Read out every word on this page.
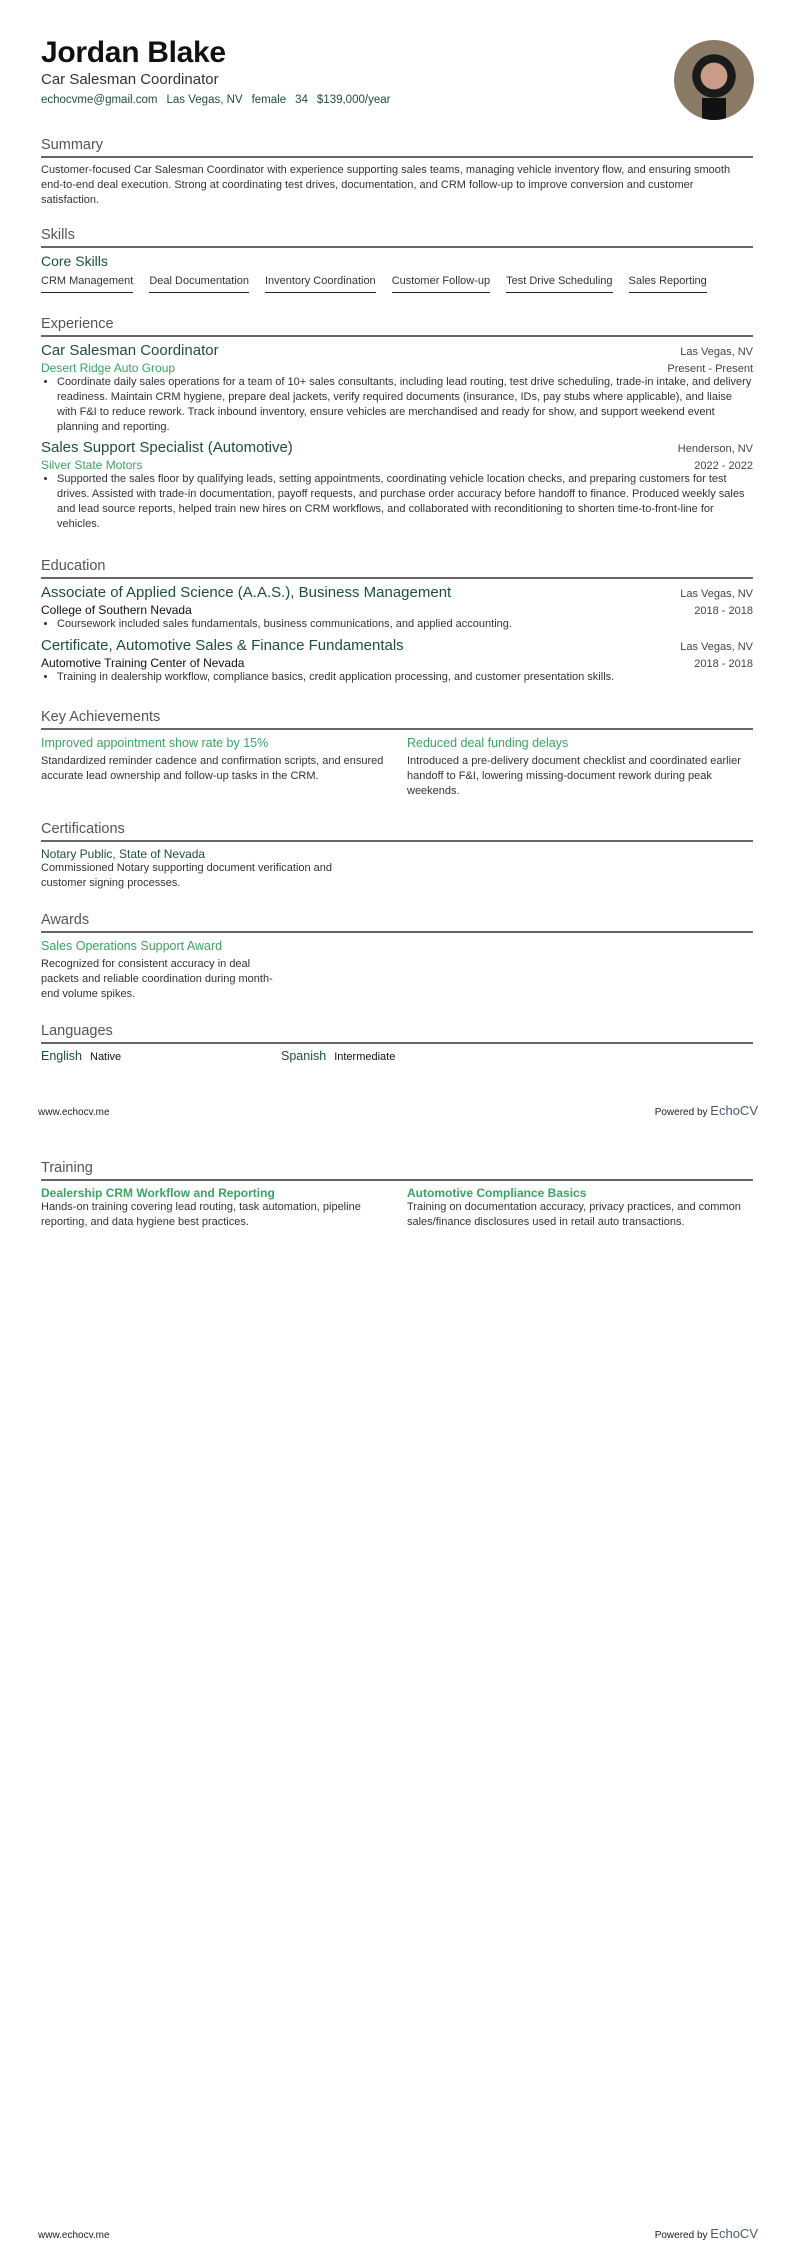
Jordan Blake
Car Salesman Coordinator
echocvme@gmail.com Las Vegas, NV female 34 $139,000/year
Summary
Customer-focused Car Salesman Coordinator with experience supporting sales teams, managing vehicle inventory flow, and ensuring smooth end-to-end deal execution. Strong at coordinating test drives, documentation, and CRM follow-up to improve conversion and customer satisfaction.
Skills
Core Skills
CRM Management Deal Documentation Inventory Coordination Customer Follow-up Test Drive Scheduling Sales Reporting
Experience
Car Salesman Coordinator	Las Vegas, NV
Desert Ridge Auto Group	Present - Present
• Coordinate daily sales operations for a team of 10+ sales consultants, including lead routing, test drive scheduling, trade-in intake, and delivery readiness. Maintain CRM hygiene, prepare deal jackets, verify required documents (insurance, IDs, pay stubs where applicable), and liaise with F&I to reduce rework. Track inbound inventory, ensure vehicles are merchandised and ready for show, and support weekend event planning and reporting.
Sales Support Specialist (Automotive)	Henderson, NV
Silver State Motors	2022 - 2022
• Supported the sales floor by qualifying leads, setting appointments, coordinating vehicle location checks, and preparing customers for test drives. Assisted with trade-in documentation, payoff requests, and purchase order accuracy before handoff to finance. Produced weekly sales and lead source reports, helped train new hires on CRM workflows, and collaborated with reconditioning to shorten time-to-front-line for vehicles.
Education
Associate of Applied Science (A.A.S.), Business Management	Las Vegas, NV
College of Southern Nevada	2018 - 2018
• Coursework included sales fundamentals, business communications, and applied accounting.
Certificate, Automotive Sales & Finance Fundamentals	Las Vegas, NV
Automotive Training Center of Nevada	2018 - 2018
• Training in dealership workflow, compliance basics, credit application processing, and customer presentation skills.
Key Achievements
Improved appointment show rate by 15%
Standardized reminder cadence and confirmation scripts, and ensured accurate lead ownership and follow-up tasks in the CRM.
Reduced deal funding delays
Introduced a pre-delivery document checklist and coordinated earlier handoff to F&I, lowering missing-document rework during peak weekends.
Certifications
Notary Public, State of Nevada
Commissioned Notary supporting document verification and customer signing processes.
Awards
Sales Operations Support Award
Recognized for consistent accuracy in deal packets and reliable coordination during month-end volume spikes.
Languages
English Native	Spanish Intermediate
www.echocv.me	Powered by EchoCV
Training
Dealership CRM Workflow and Reporting
Hands-on training covering lead routing, task automation, pipeline reporting, and data hygiene best practices.
Automotive Compliance Basics
Training on documentation accuracy, privacy practices, and common sales/finance disclosures used in retail auto transactions.
www.echocv.me	Powered by EchoCV
